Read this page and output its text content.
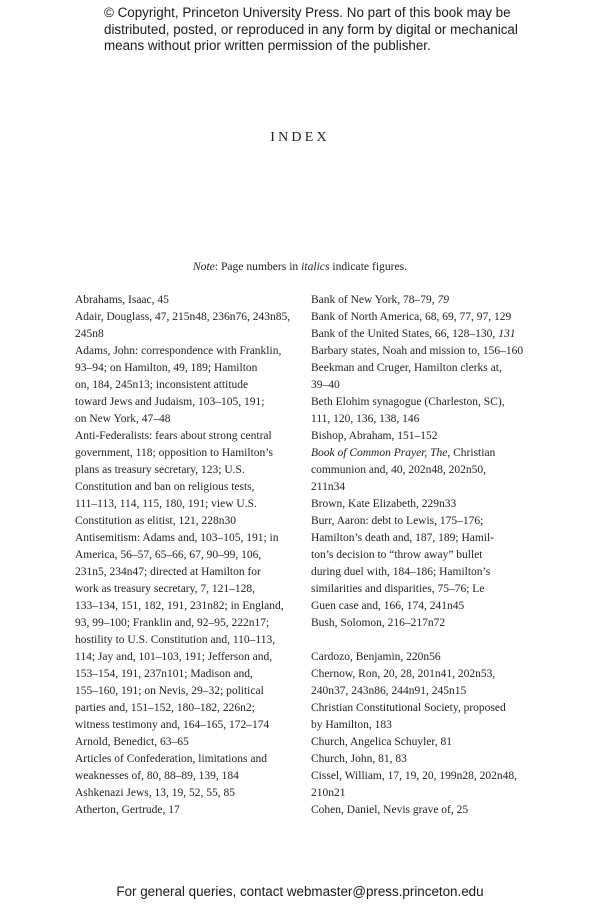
© Copyright, Princeton University Press. No part of this book may be
distributed, posted, or reproduced in any form by digital or mechanical
means without prior written permission of the publisher.
INDEX
Note: Page numbers in italics indicate figures.
Abrahams, Isaac, 45
Adair, Douglass, 47, 215n48, 236n76, 243n85,
245n8
Adams, John: correspondence with Franklin,
93–94; on Hamilton, 49, 189; Hamilton
on, 184, 245n13; inconsistent attitude
toward Jews and Judaism, 103–105, 191;
on New York, 47–48
Anti-Federalists: fears about strong central
government, 118; opposition to Hamilton’s
plans as treasury secretary, 123; U.S.
Constitution and ban on religious tests,
111–113, 114, 115, 180, 191; view U.S.
Constitution as elitist, 121, 228n30
Antisemitism: Adams and, 103–105, 191; in
America, 56–57, 65–66, 67, 90–99, 106,
231n5, 234n47; directed at Hamilton for
work as treasury secretary, 7, 121–128,
133–134, 151, 182, 191, 231n82; in England,
93, 99–100; Franklin and, 92–95, 222n17;
hostility to U.S. Constitution and, 110–113,
114; Jay and, 101–103, 191; Jefferson and,
153–154, 191, 237n101; Madison and,
155–160, 191; on Nevis, 29–32; political
parties and, 151–152, 180–182, 226n2;
witness testimony and, 164–165, 172–174
Arnold, Benedict, 63–65
Articles of Confederation, limitations and
weaknesses of, 80, 88–89, 139, 184
Ashkenazi Jews, 13, 19, 52, 55, 85
Atherton, Gertrude, 17
Bank of New York, 78–79, 79
Bank of North America, 68, 69, 77, 97, 129
Bank of the United States, 66, 128–130, 131
Barbary states, Noah and mission to, 156–160
Beekman and Cruger, Hamilton clerks at,
39–40
Beth Elohim synagogue (Charleston, SC),
111, 120, 136, 138, 146
Bishop, Abraham, 151–152
Book of Common Prayer, The, Christian
communion and, 40, 202n48, 202n50,
211n34
Brown, Kate Elizabeth, 229n33
Burr, Aaron: debt to Lewis, 175–176;
Hamilton’s death and, 187, 189; Hamil-
ton’s decision to “throw away” bullet
during duel with, 184–186; Hamilton’s
similarities and disparities, 75–76; Le
Guen case and, 166, 174, 241n45
Bush, Solomon, 216–217n72
Cardozo, Benjamin, 220n56
Chernow, Ron, 20, 28, 201n41, 202n53,
240n37, 243n86, 244n91, 245n15
Christian Constitutional Society, proposed
by Hamilton, 183
Church, Angelica Schuyler, 81
Church, John, 81, 83
Cissel, William, 17, 19, 20, 199n28, 202n48,
210n21
Cohen, Daniel, Nevis grave of, 25
For general queries, contact webmaster@press.princeton.edu
